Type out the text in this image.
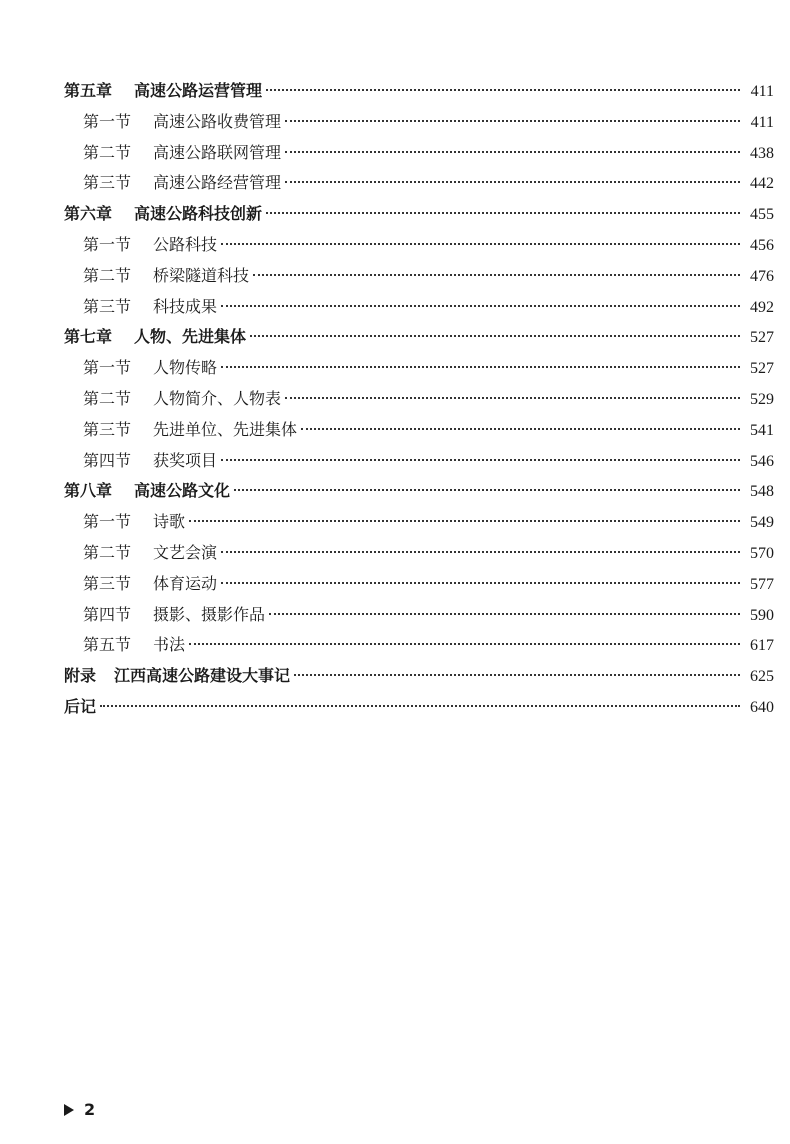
第五章 高速公路运营管理	411
第一节 高速公路收费管理	411
第二节 高速公路联网管理	438
第三节 高速公路经营管理	442
第六章 高速公路科技创新	455
第一节 公路科技	456
第二节 桥梁隧道科技	476
第三节 科技成果	492
第七章 人物、先进集体	527
第一节 人物传略	527
第二节 人物简介、人物表	529
第三节 先进单位、先进集体	541
第四节 获奖项目	546
第八章 高速公路文化	548
第一节 诗歌	549
第二节 文艺会演	570
第三节 体育运动	577
第四节 摄影、摄影作品	590
第五节 书法	617
附录 江西高速公路建设大事记	625
后记	640
2
